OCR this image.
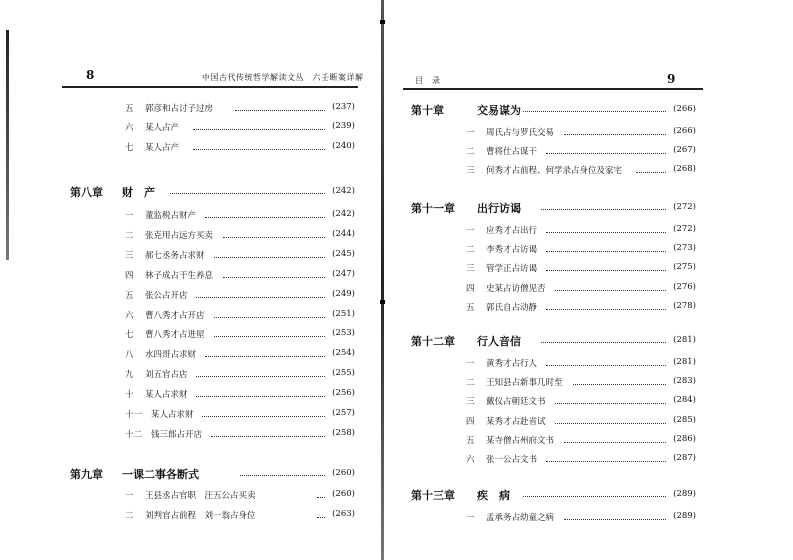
8	中国古代传统哲学解读文丛　六壬断案详解
五 郭彦和占讨子过房	(237)
六 某人占产	(239)
七 某人占产	(240)
第八章 财　产	(242)
一 董监税占财产	(242)
二 张克用占远方买卖	(244)
三 郝七丞务占求财	(245)
四 林子成占干生养息	(247)
五 张公占开店	(249)
六 曹八秀才占开店	(251)
七 曹八秀才占进屋	(253)
八 水四哥占求财	(254)
九 刘五官占店	(255)
十 某人占求财	(256)
十一 某人占求财	(257)
十二 钱三郎占开店	(258)
第九章 一课二事各断式	(260)
一 王县丞占官职　汪五公占买卖	(260)
二 刘判官占前程　刘一翁占身位	(263)
目　录	9
第十章	交易谋为	(266)
一 周氏占与罗氏交易	(266)
二 曹将仕占谋干	(267)
三 何秀才占前程、何学录占身位及家宅	(268)
第十一章 出行访谒	(272)
一 应秀才占出行	(272)
二 李秀才占访谒	(273)
三 管学正占访谒	(275)
四 史某占访僧见否	(276)
五 郭氏自占动静	(278)
第十二章 行人音信	(281)
一 黄秀才占行人	(281)
二 王知县占新事几时至	(283)
三 戴仪占朝廷文书	(284)
四 某秀才占赴省试	(285)
五 某寺僧占州府文书	(286)
六 张一公占文书	(287)
第十三章 疾　病	(289)
一 孟承务占幼童之病	(289)
